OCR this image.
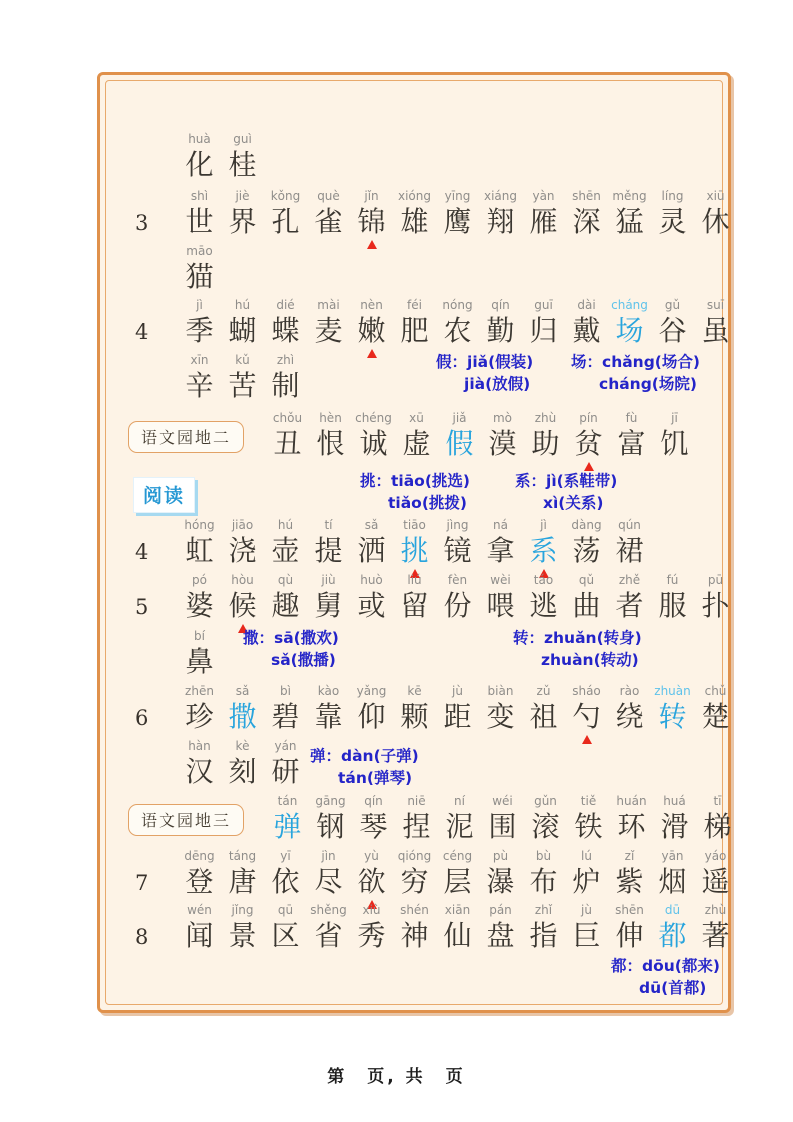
huà
化
guì
桂
3
shì
世
jiè
界
kǒng
孔
què
雀
jǐn
锦
xióng
雄
yīng
鹰
xiáng
翔
yàn
雁
shēn
深
měng
猛
líng
灵
xiū
休
māo
猫
4
jì
季
hú
蝴
dié
蝶
mài
麦
nèn
嫩
féi
肥
nóng
农
qín
勤
guī
归
dài
戴
cháng
场
gǔ
谷
suī
虽
xīn
辛
kǔ
苦
zhì
制
假：jiǎ(假装)
jià(放假)
场：chǎng(场合)
cháng(场院)
语文园地二
chǒu
丑
hèn
恨
chéng
诚
xū
虚
jiǎ
假
mò
漠
zhù
助
pín
贫
fù
富
jī
饥
阅读
挑：tiāo(挑选)
tiǎo(挑拨)
系：jì(系鞋带)
xì(关系)
4
hóng
虹
jiāo
浇
hú
壶
tí
提
sǎ
洒
tiāo
挑
jìng
镜
ná
拿
jì
系
dàng
荡
qún
裙
5
pó
婆
hòu
候
qù
趣
jiù
舅
huò
或
liú
留
fèn
份
wèi
喂
táo
逃
qǔ
曲
zhě
者
fú
服
pū
扑
bí
鼻
撒：sā(撒欢)
sǎ(撒播)
转：zhuǎn(转身)
zhuàn(转动)
6
zhēn
珍
sǎ
撒
bì
碧
kào
靠
yǎng
仰
kē
颗
jù
距
biàn
变
zǔ
祖
sháo
勺
rào
绕
zhuàn
转
chǔ
楚
hàn
汉
kè
刻
yán
研 弹：dàn(子弹)
tán(弹琴)
语文园地三
tán
弹
gāng
钢
qín
琴
niē
捏
ní
泥
wéi
围
gǔn
滚
tiě
铁
huán
环
huá
滑
tī
梯
7
dēng
登
táng
唐
yī
依
jìn
尽
yù
欲
qióng
穷
céng
层
pù
瀑
bù
布
lú
炉
zǐ
紫
yān
烟
yáo
遥
8
wén
闻
jǐng
景
qū
区
shěng
省
xiù
秀
shén
神
xiān
仙
pán
盘
zhǐ
指
jù
巨
shēn
伸
dū
都
zhù
著
都：dōu(都来)
dū(首都)
第　页, 共　页
